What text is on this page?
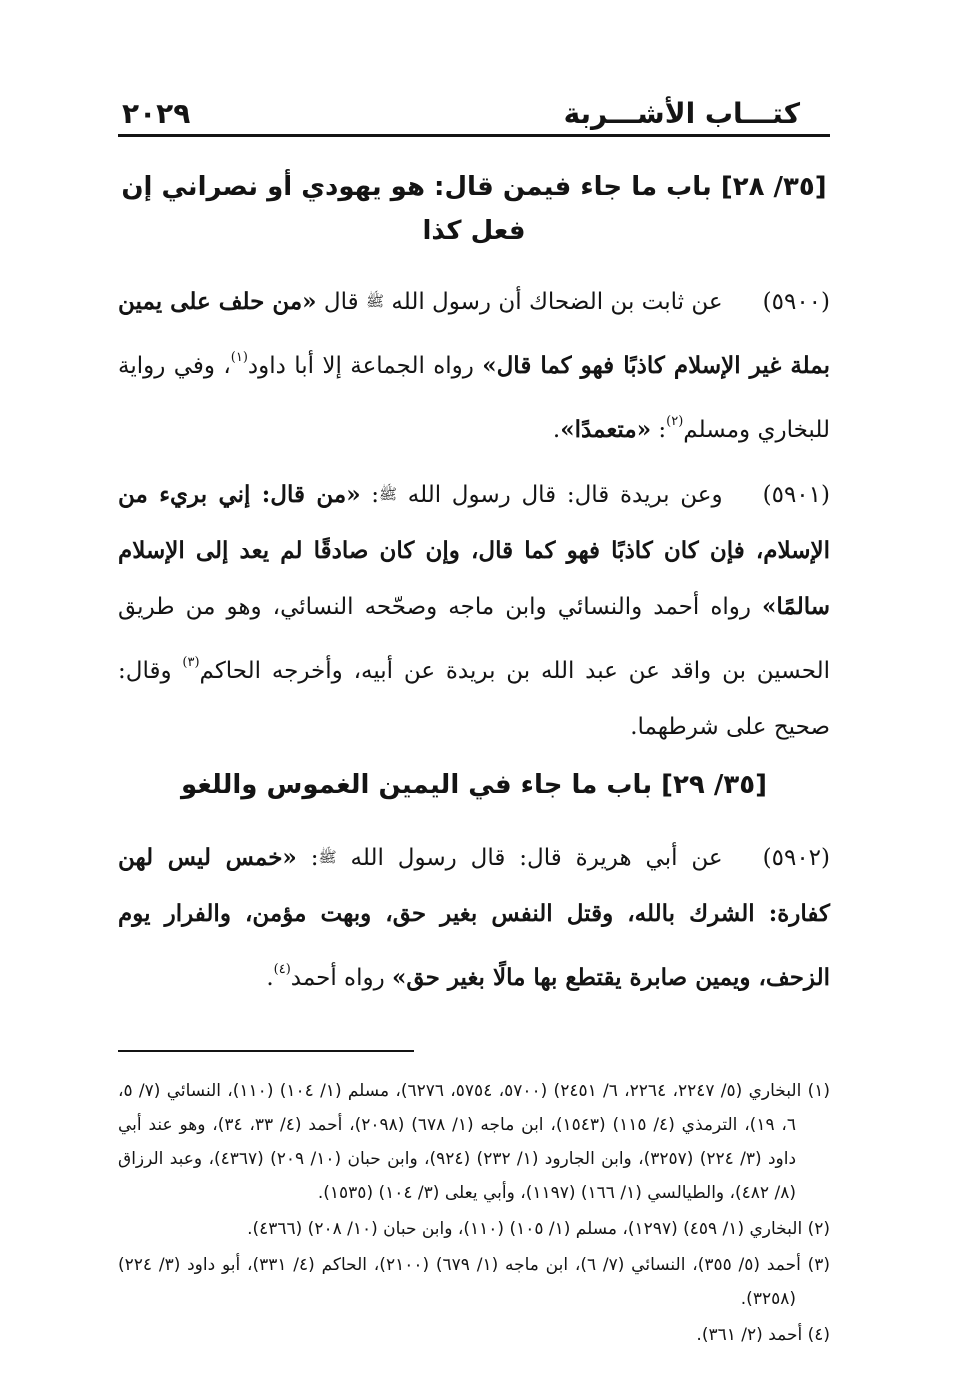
كتـــاب الأشـــربة
٢٠٢٩
[٣٥/ ٢٨] باب ما جاء فيمن قال: هو يهودي أو نصراني إن فعل كذا

(٥٩٠٠)عن ثابت بن الضحاك أن رسول الله ﷺ قال «من حلف على يمين بملة غير الإسلام كاذبًا فهو كما قال» رواه الجماعة إلا أبا داود$^{(١)}$، وفي رواية للبخاري ومسلم$^{(٢)}$: «متعمدًا».

(٥٩٠١)وعن بريدة قال: قال رسول الله ﷺ: «من قال: إني بريء من الإسلام، فإن كان كاذبًا فهو كما قال، وإن كان صادقًا لم يعد إلى الإسلام سالمًا» رواه أحمد والنسائي وابن ماجه وصحّحه النسائي، وهو من طريق الحسين بن واقد عن عبد الله بن بريدة عن أبيه، وأخرجه الحاكم$^{(٣)}$ وقال: صحيح على شرطهما.

[٣٥/ ٢٩] باب ما جاء في اليمين الغموس واللغو

(٥٩٠٢)عن أبي هريرة قال: قال رسول الله ﷺ: «خمس ليس لهن كفارة: الشرك بالله، وقتل النفس بغير حق، وبهت مؤمن، والفرار يوم الزحف، ويمين صابرة يقتطع بها مالًا بغير حق» رواه أحمد$^{(٤)}$.

(١) البخاري (٥/ ٢٢٤٧، ٢٢٦٤، ٦/ ٢٤٥١) (٥٧٠٠، ٥٧٥٤، ٦٢٧٦)، مسلم (١/ ١٠٤) (١١٠)، النسائي (٧/ ٥، ٦، ١٩)، الترمذي (٤/ ١١٥) (١٥٤٣)، ابن ماجه (١/ ٦٧٨) (٢٠٩٨)، أحمد (٤/ ٣٣، ٣٤)، وهو عند أبي داود (٣/ ٢٢٤) (٣٢٥٧)، وابن الجارود (١/ ٢٣٢) (٩٢٤)، وابن حبان (١٠/ ٢٠٩) (٤٣٦٧)، وعبد الرزاق (٨/ ٤٨٢)، والطيالسي (١/ ١٦٦) (١١٩٧)، وأبي يعلى (٣/ ١٠٤) (١٥٣٥).

(٢) البخاري (١/ ٤٥٩) (١٢٩٧)، مسلم (١/ ١٠٥) (١١٠)، وابن حبان (١٠/ ٢٠٨) (٤٣٦٦).

(٣) أحمد (٥/ ٣٥٥)، النسائي (٧/ ٦)، ابن ماجه (١/ ٦٧٩) (٢١٠٠)، الحاكم (٤/ ٣٣١)، أبو داود (٣/ ٢٢٤) (٣٢٥٨).

(٤) أحمد (٢/ ٣٦١).
